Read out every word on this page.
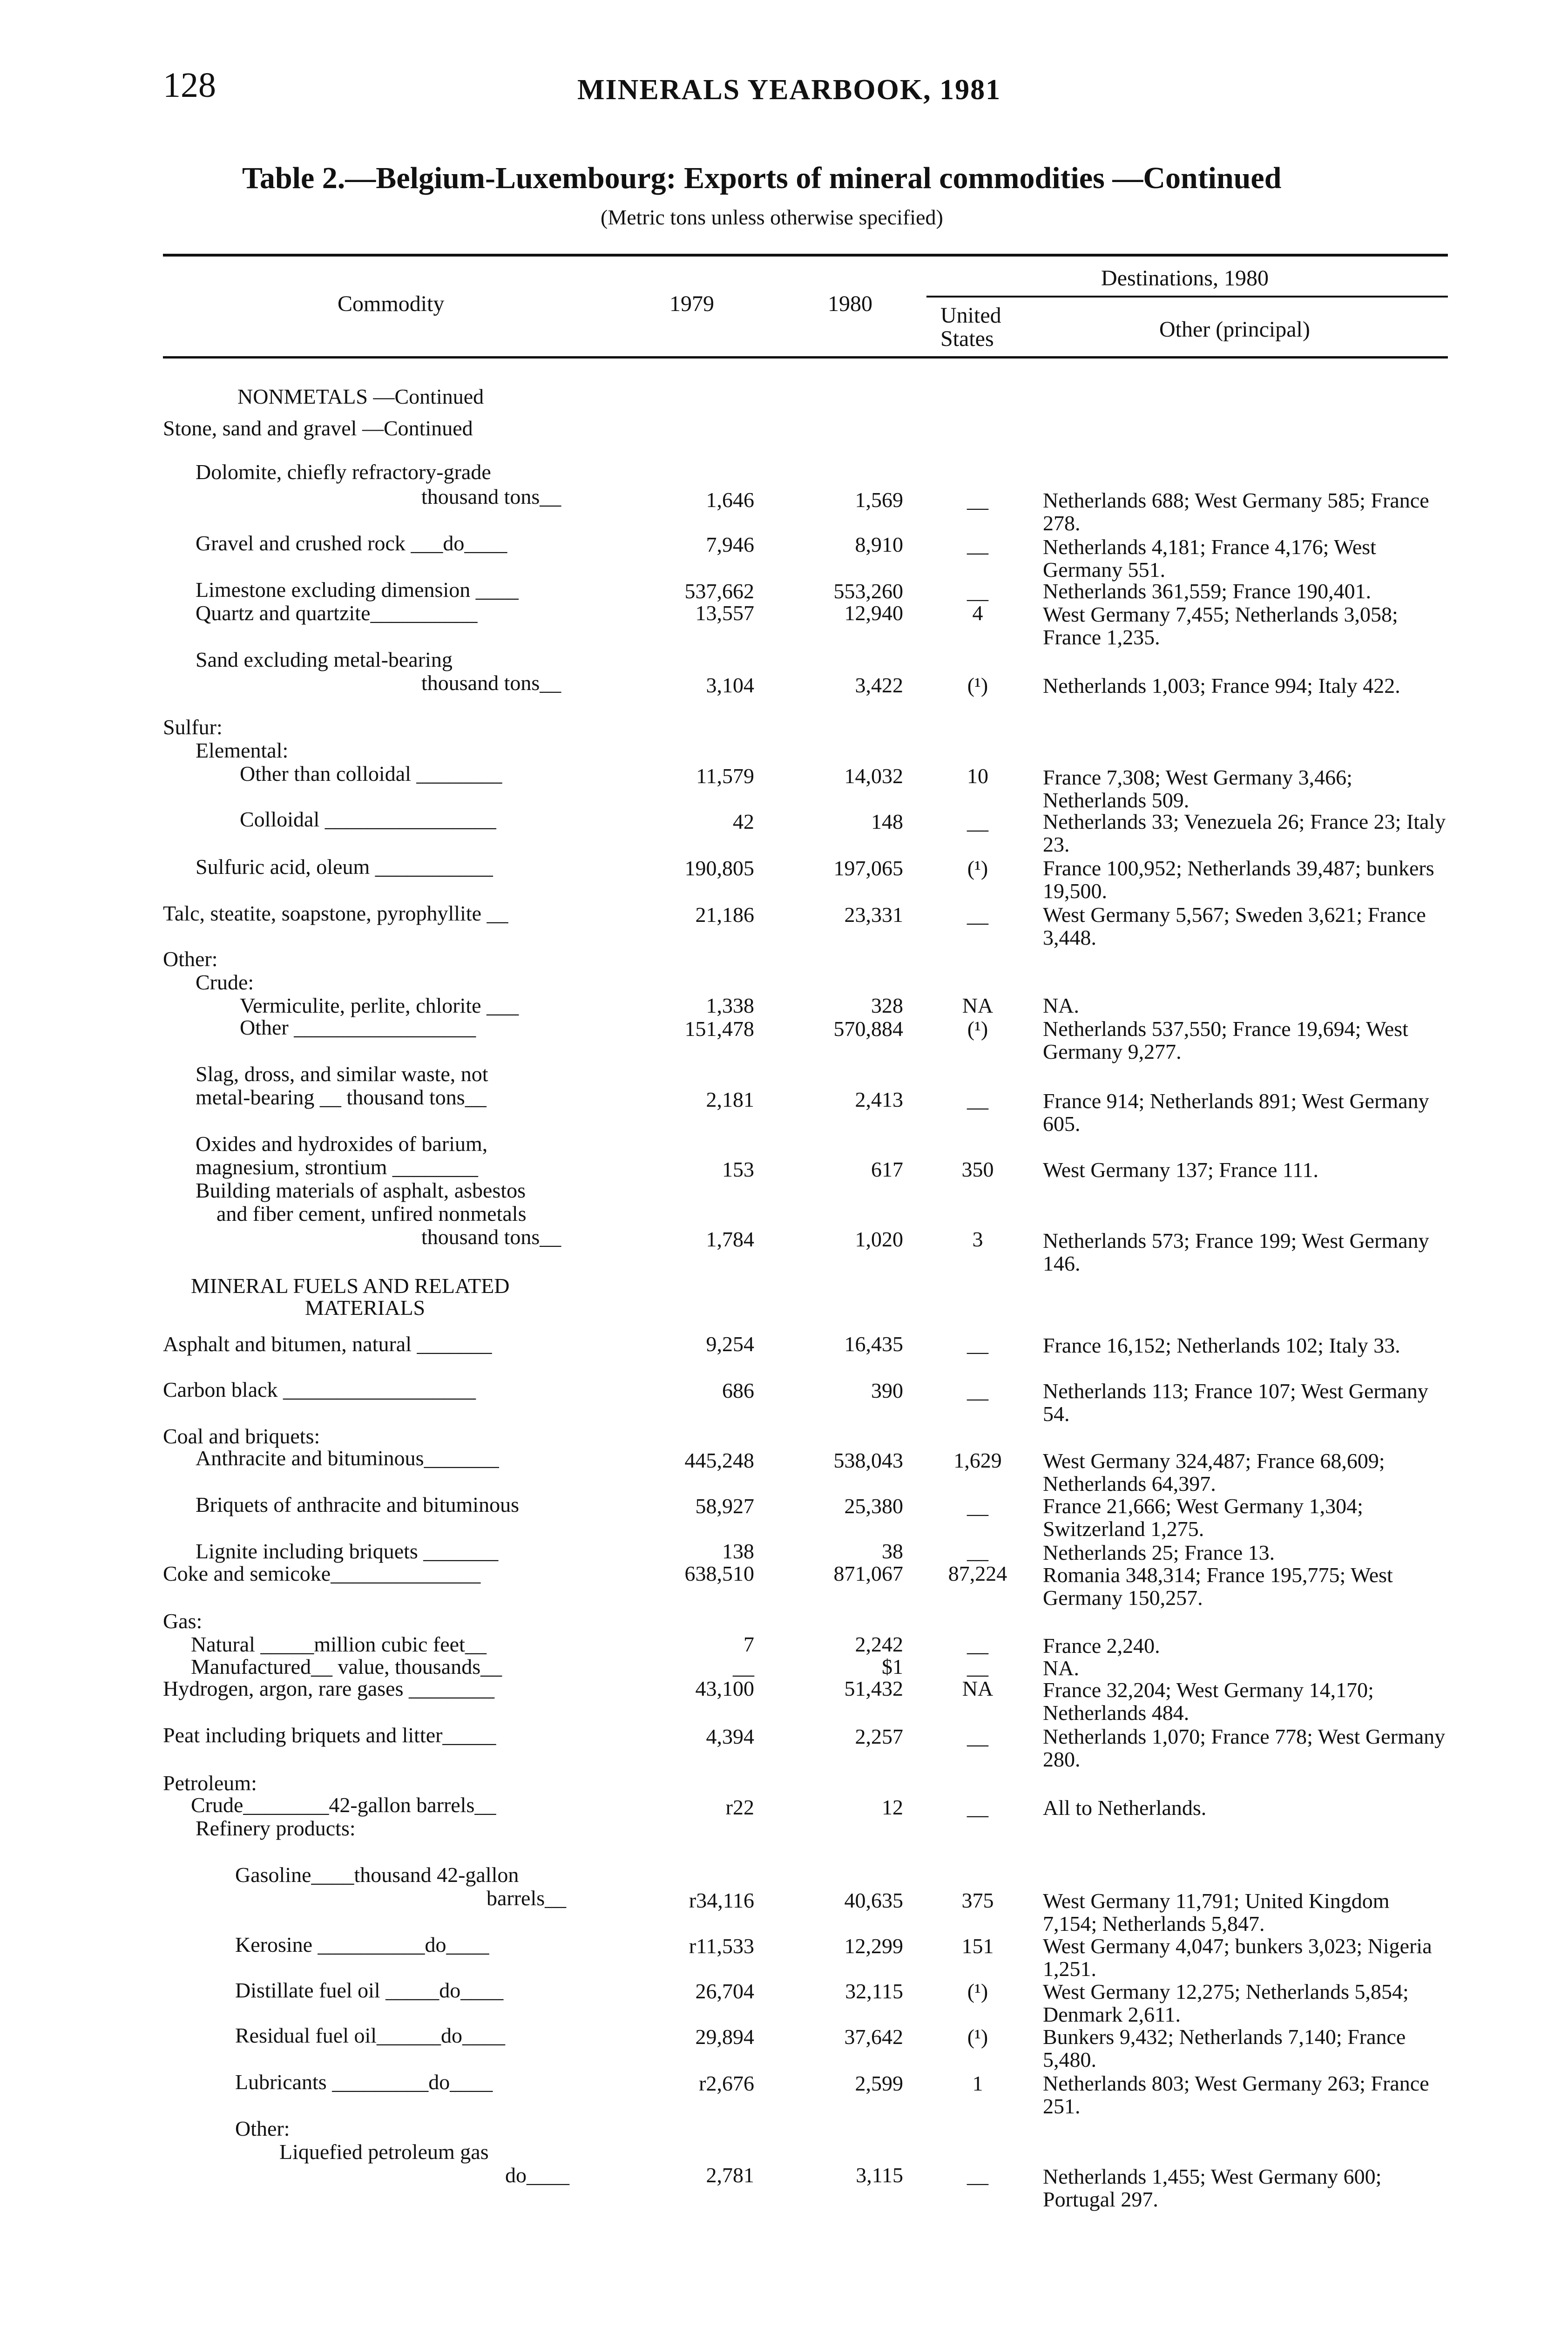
128	MINERALS YEARBOOK, 1981
Table 2.—Belgium-Luxembourg: Exports of mineral commodities —Continued
(Metric tons unless otherwise specified)
Commodity	1979	1980
Destinations, 1980
United
States	Other (principal)
NONMETALS —Continued
Stone, sand and gravel —Continued
Dolomite, chiefly refractory-grade
thousand tons__	1,646	1,569	__	Netherlands 688; West Germany 585; France 278.
Gravel and crushed rock ___do____	7,946	8,910	__	Netherlands 4,181; France 4,176; West Germany 551.
Limestone excluding dimension ____	537,662	553,260	__	Netherlands 361,559; France 190,401.
Quartz and quartzite__________	13,557	12,940	4	West Germany 7,455; Netherlands 3,058; France 1,235.
Sand excluding metal-bearing
thousand tons__	3,104	3,422	(¹)	Netherlands 1,003; France 994; Italy 422.
Sulfur:
Elemental:
Other than colloidal ________	11,579	14,032	10	France 7,308; West Germany 3,466; Netherlands 509.
Colloidal ________________	42	148	__	Netherlands 33; Venezuela 26; France 23; Italy 23.
Sulfuric acid, oleum ___________	190,805	197,065	(¹)	France 100,952; Netherlands 39,487; bunkers 19,500.
Talc, steatite, soapstone, pyrophyllite __	21,186	23,331	__	West Germany 5,567; Sweden 3,621; France 3,448.
Other:
Crude:
Vermiculite, perlite, chlorite ___	1,338	328	NA	NA.
Other _________________	151,478	570,884	(¹)	Netherlands 537,550; France 19,694; West Germany 9,277.
Slag, dross, and similar waste, not
metal-bearing __ thousand tons__	2,181	2,413	__	France 914; Netherlands 891; West Germany 605.
Oxides and hydroxides of barium,
magnesium, strontium ________	153	617	350	West Germany 137; France 111.
Building materials of asphalt, asbestos
and fiber cement, unfired nonmetals
thousand tons__	1,784	1,020	3	Netherlands 573; France 199; West Germany 146.
MINERAL FUELS AND RELATED
MATERIALS
Asphalt and bitumen, natural _______	9,254	16,435	__	France 16,152; Netherlands 102; Italy 33.
Carbon black __________________	686	390	__	Netherlands 113; France 107; West Germany 54.
Coal and briquets:
Anthracite and bituminous_______	445,248	538,043	1,629	West Germany 324,487; France 68,609; Netherlands 64,397.
Briquets of anthracite and bituminous	58,927	25,380	__	France 21,666; West Germany 1,304; Switzerland 1,275.
Lignite including briquets _______	138	38	__	Netherlands 25; France 13.
Coke and semicoke______________	638,510	871,067	87,224	Romania 348,314; France 195,775; West Germany 150,257.
Gas:
Natural _____million cubic feet__	7	2,242	__	France 2,240.
Manufactured__ value, thousands__	__	$1	__	NA.
Hydrogen, argon, rare gases ________	43,100	51,432	NA	France 32,204; West Germany 14,170; Netherlands 484.
Peat including briquets and litter_____	4,394	2,257	__	Netherlands 1,070; France 778; West Germany 280.
Petroleum:
Crude________42-gallon barrels__	r22	12	__	All to Netherlands.
Refinery products:
Gasoline____thousand 42-gallon
barrels__	r34,116	40,635	375	West Germany 11,791; United Kingdom 7,154; Netherlands 5,847.
Kerosine __________do____	r11,533	12,299	151	West Germany 4,047; bunkers 3,023; Nigeria 1,251.
Distillate fuel oil _____do____	26,704	32,115	(¹)	West Germany 12,275; Netherlands 5,854; Denmark 2,611.
Residual fuel oil______do____	29,894	37,642	(¹)	Bunkers 9,432; Netherlands 7,140; France 5,480.
Lubricants _________do____	r2,676	2,599	1	Netherlands 803; West Germany 263; France 251.
Other:
Liquefied petroleum gas
do____	2,781	3,115	__	Netherlands 1,455; West Germany 600; Portugal 297.
